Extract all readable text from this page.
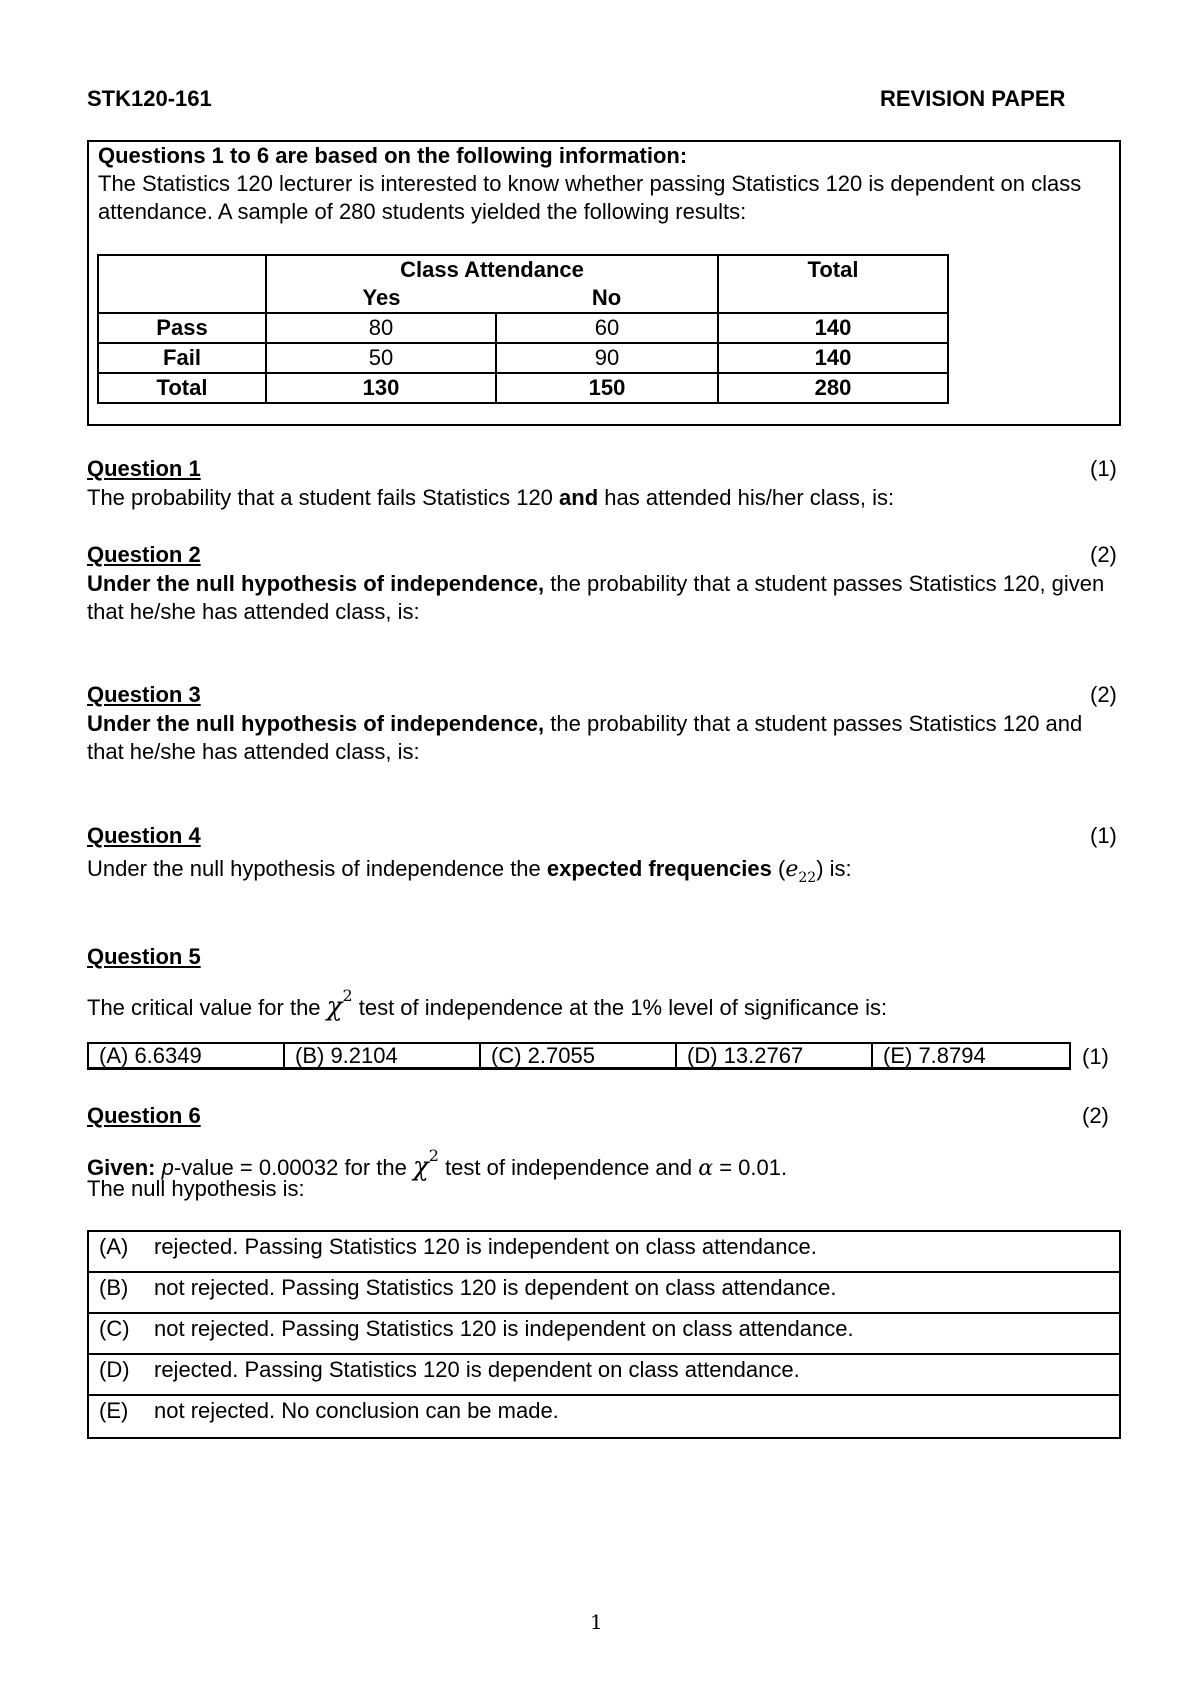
STK120-161	REVISION PAPER
Questions 1 to 6 are based on the following information:
The Statistics 120 lecturer is interested to know whether passing Statistics 120 is dependent on class attendance. A sample of 280 students yielded the following results:
	Class Attendance		Total
	Yes	No	
Pass	80	60	140
Fail	50	90	140
Total	130	150	280
Question 1	(1)
The probability that a student fails Statistics 120 and has attended his/her class, is:
Question 2	(2)
Under the null hypothesis of independence, the probability that a student passes Statistics 120, given that he/she has attended class, is:
Question 3	(2)
Under the null hypothesis of independence, the probability that a student passes Statistics 120 and that he/she has attended class, is:
Question 4	(1)
Under the null hypothesis of independence the expected frequencies $(e_{22})$ is:
Question 5
The critical value for the $\chi^2$ test of independence at the 1% level of significance is:
(A) 6.6349	(B) 9.2104	(C) 2.7055	(D) 13.2767	(E) 7.8794	(1)
Question 6	(2)
Given: p-value = 0.00032 for the $\chi^2$ test of independence and α = 0.01.
The null hypothesis is:
(A)	rejected. Passing Statistics 120 is independent on class attendance.
(B)	not rejected. Passing Statistics 120 is dependent on class attendance.
(C)	not rejected. Passing Statistics 120 is independent on class attendance.
(D)	rejected. Passing Statistics 120 is dependent on class attendance.
(E)	not rejected. No conclusion can be made.
1
